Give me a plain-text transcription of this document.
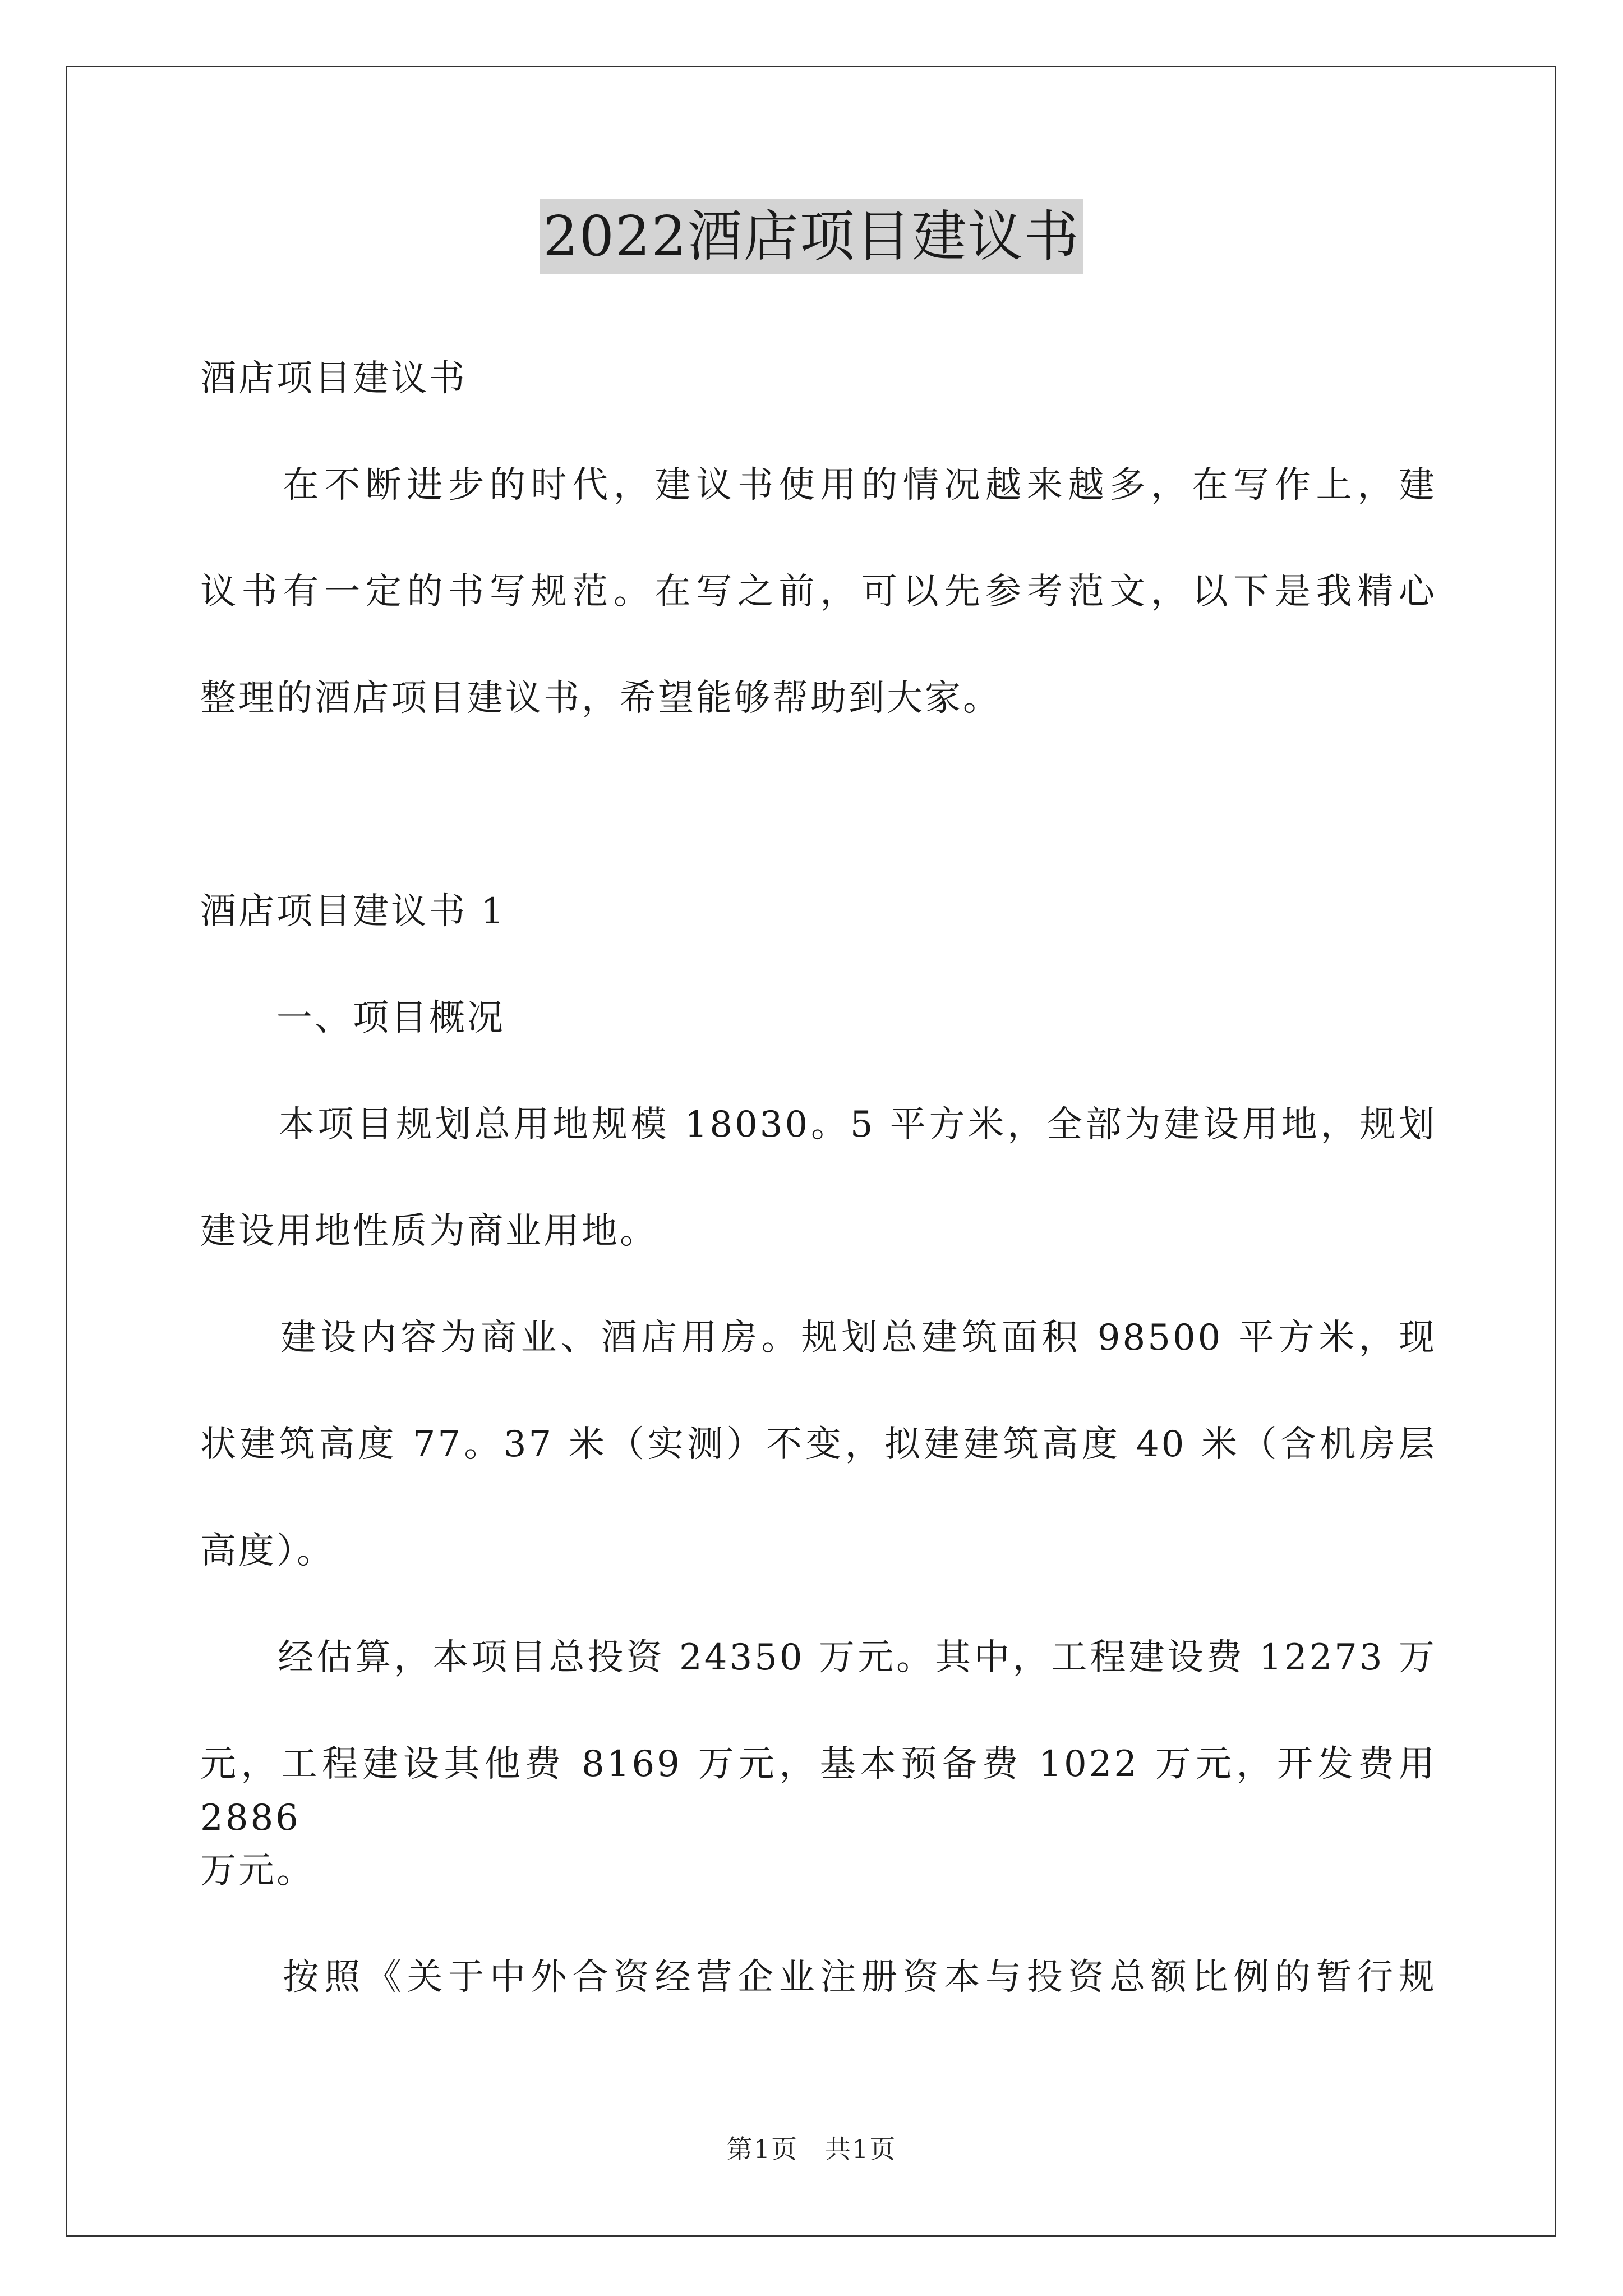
2022酒店项目建议书
酒店项目建议书
　　在不断进步的时代，建议书使用的情况越来越多，在写作上，建
议书有一定的书写规范。在写之前，可以先参考范文，以下是我精心
整理的酒店项目建议书，希望能够帮助到大家。
酒店项目建议书 1
　　一、项目概况
　　本项目规划总用地规模 18030。5 平方米，全部为建设用地，规划
建设用地性质为商业用地。
　　建设内容为商业、酒店用房。规划总建筑面积 98500 平方米，现
状建筑高度 77。37 米（实测）不变，拟建建筑高度 40 米（含机房层
高度）。
　　经估算，本项目总投资 24350 万元。其中，工程建设费 12273 万
元，工程建设其他费 8169 万元，基本预备费 1022 万元，开发费用 2886
万元。
　　按照《关于中外合资经营企业注册资本与投资总额比例的暂行规
第1页　共1页
